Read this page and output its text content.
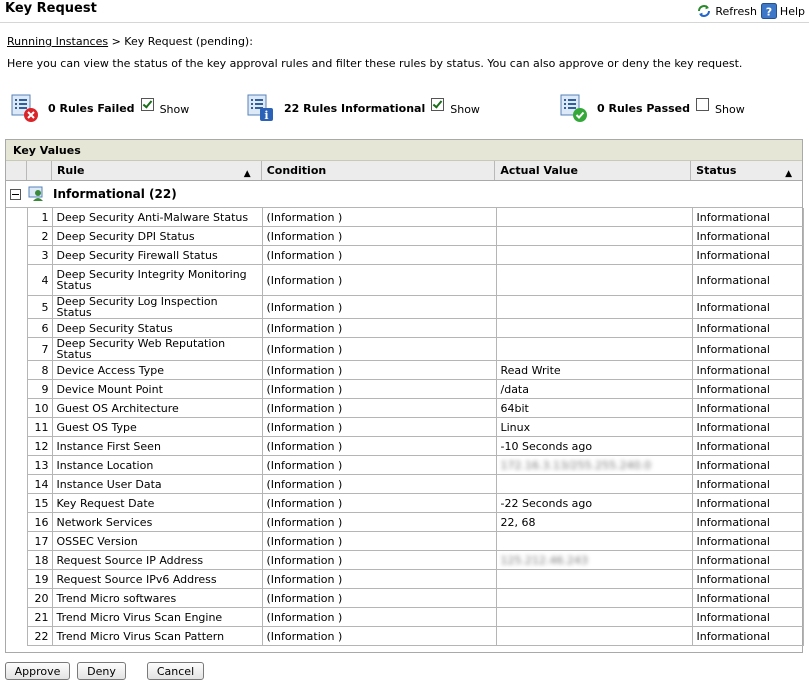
Key Request	Refresh ? Help
Running Instances > Key Request (pending):
Here you can view the status of the key approval rules and filter these rules by status. You can also approve or deny the key request.
0 Rules Failed Show	i
22 Rules Informational Show	0 Rules Passed Show
Key Values
Rule	▲	Condition	Actual Value	Status	▲
Informational (22)
	1	Deep Security Anti-Malware Status	(Information )		Informational
	2	Deep Security DPI Status	(Information )		Informational
	3	Deep Security Firewall Status	(Information )		Informational
	4	Deep Security Integrity Monitoring Status	(Information )		Informational
	5	Deep Security Log Inspection Status	(Information )		Informational
	6	Deep Security Status	(Information )		Informational
	7	Deep Security Web Reputation Status	(Information )		Informational
	8	Device Access Type	(Information )	Read Write	Informational
	9	Device Mount Point	(Information )	/data	Informational
	10	Guest OS Architecture	(Information )	64bit	Informational
	11	Guest OS Type	(Information )	Linux	Informational
	12	Instance First Seen	(Information )	-10 Seconds ago	Informational
	13	Instance Location	(Information )	172.16.3.13/255.255.240.0	Informational
	14	Instance User Data	(Information )		Informational
	15	Key Request Date	(Information )	-22 Seconds ago	Informational
	16	Network Services	(Information )	22, 68	Informational
	17	OSSEC Version	(Information )		Informational
	18	Request Source IP Address	(Information )	125.212.46.243	Informational
	19	Request Source IPv6 Address	(Information )		Informational
	20	Trend Micro softwares	(Information )		Informational
	21	Trend Micro Virus Scan Engine	(Information )		Informational
	22	Trend Micro Virus Scan Pattern	(Information )		Informational
Approve	Deny	Cancel
